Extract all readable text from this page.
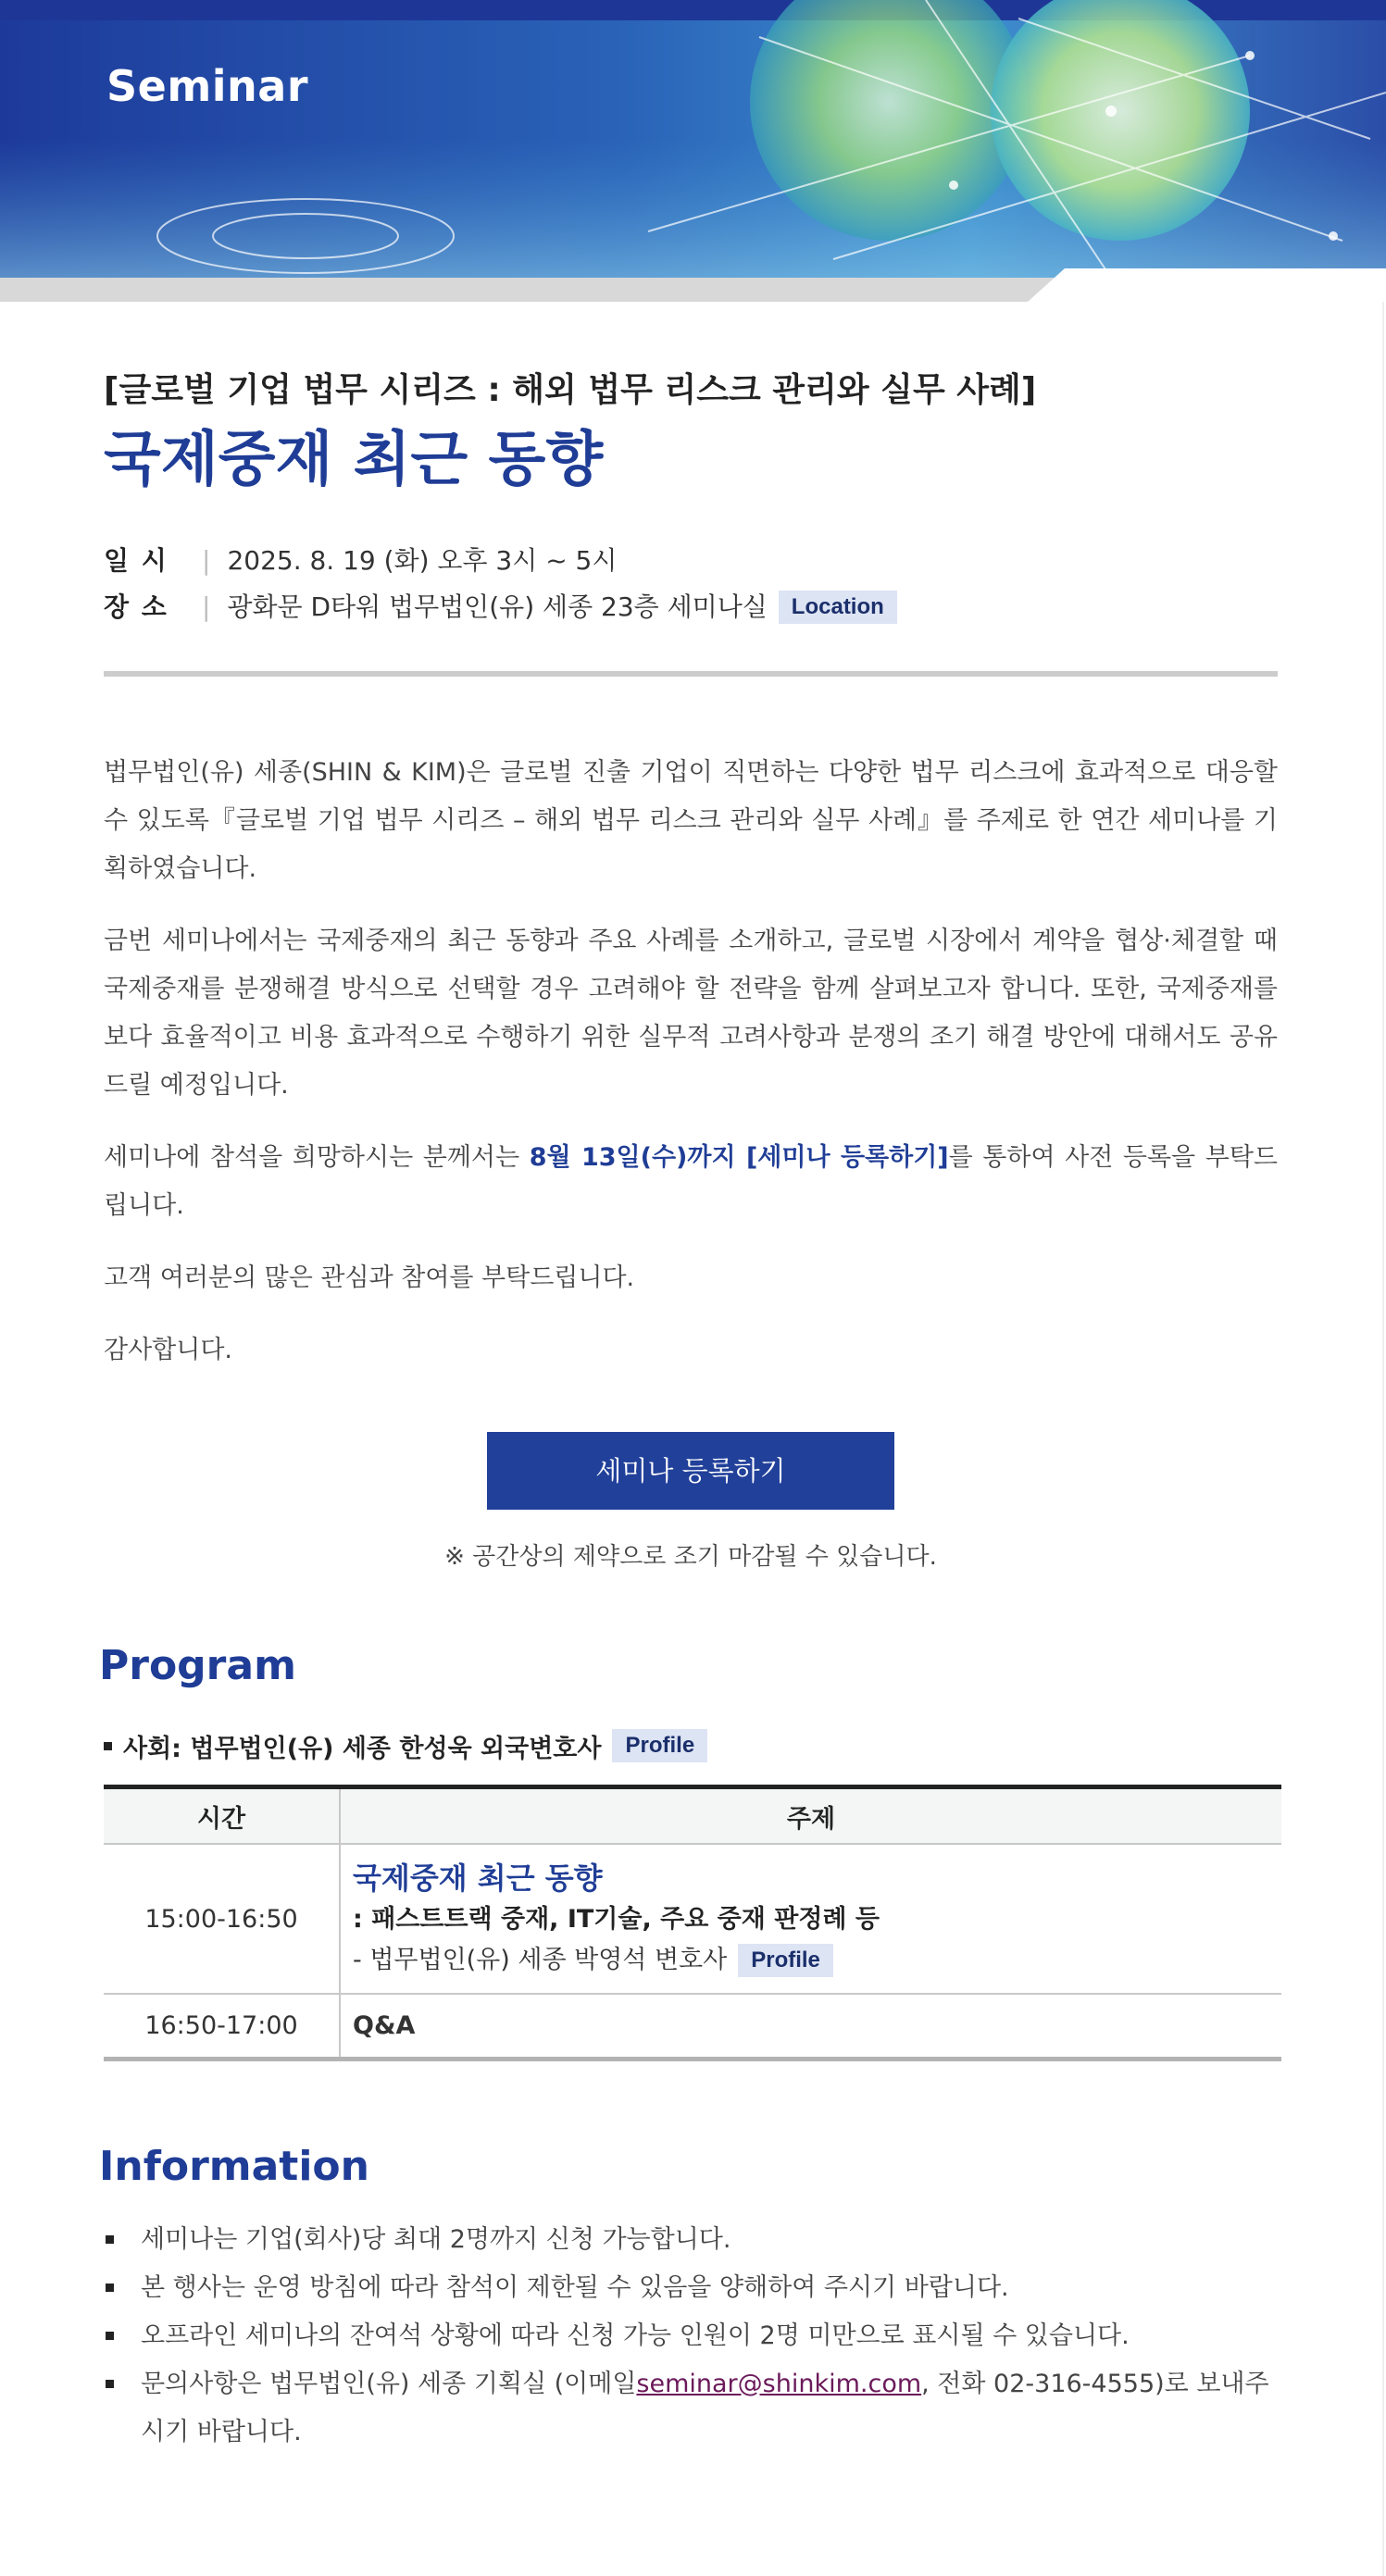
Seminar
[글로벌 기업 법무 시리즈 : 해외 법무 리스크 관리와 실무 사례]
국제중재 최근 동향
일 시	| 2025. 8. 19 (화) 오후 3시 ~ 5시
장 소	| 광화문 D타워 법무법인(유) 세종 23층 세미나실	Location

법무법인(유) 세종(SHIN & KIM)은 글로벌 진출 기업이 직면하는 다양한 법무 리스크에 효과적으로 대응할 수 있도록『글로벌 기업 법무 시리즈 – 해외 법무 리스크 관리와 실무 사례』를 주제로 한 연간 세미나를 기획하였습니다.

금번 세미나에서는 국제중재의 최근 동향과 주요 사례를 소개하고, 글로벌 시장에서 계약을 협상·체결할 때 국제중재를 분쟁해결 방식으로 선택할 경우 고려해야 할 전략을 함께 살펴보고자 합니다. 또한, 국제중재를 보다 효율적이고 비용 효과적으로 수행하기 위한 실무적 고려사항과 분쟁의 조기 해결 방안에 대해서도 공유드릴 예정입니다.

세미나에 참석을 희망하시는 분께서는 8월 13일(수)까지 [세미나 등록하기]를 통하여 사전 등록을 부탁드립니다.

고객 여러분의 많은 관심과 참여를 부탁드립니다.

감사합니다.

세미나 등록하기
※ 공간상의 제약으로 조기 마감될 수 있습니다.
Program
사회: 법무법인(유) 세종 한성욱 외국변호사	Profile
시간	주제
15:00-16:50	국제중재 최근 동향
: 패스트트랙 중재, IT기술, 주요 중재 판정례 등
- 법무법인(유) 세종 박영석 변호사 Profile

16:50-17:00	Q&A
Information
세미나는 기업(회사)당 최대 2명까지 신청 가능합니다.
본 행사는 운영 방침에 따라 참석이 제한될 수 있음을 양해하여 주시기 바랍니다.
오프라인 세미나의 잔여석 상황에 따라 신청 가능 인원이 2명 미만으로 표시될 수 있습니다.
문의사항은 법무법인(유) 세종 기획실 (이메일seminar@shinkim.com, 전화 02-316-4555)로 보내주시기 바랍니다.
